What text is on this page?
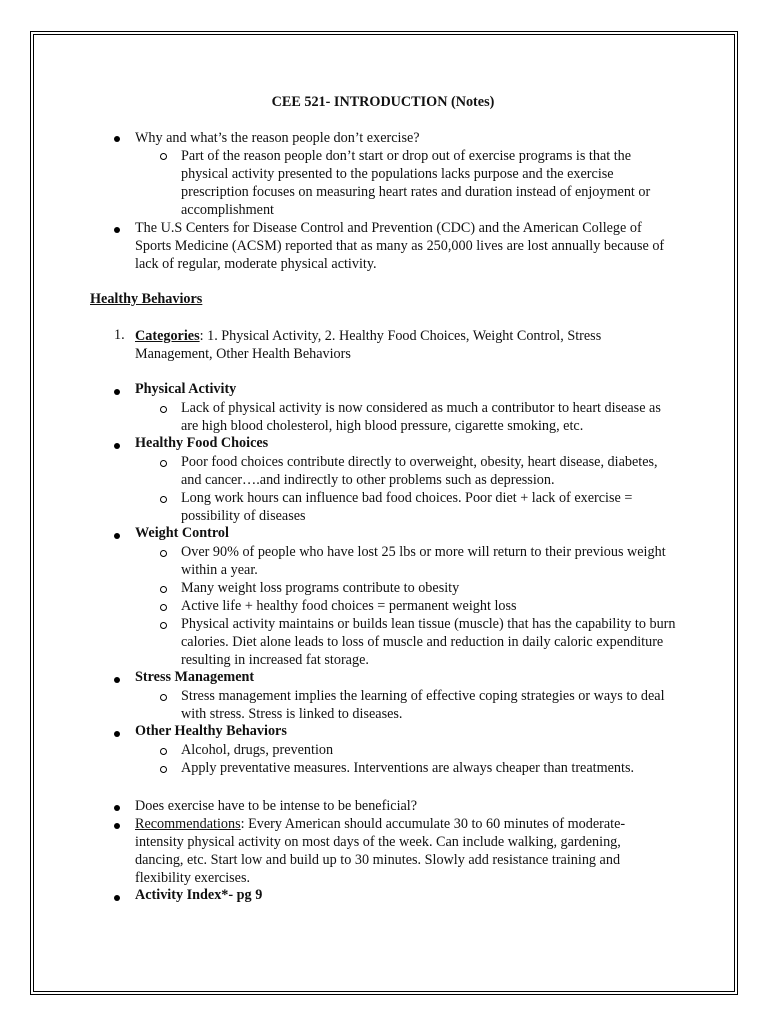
CEE 521- INTRODUCTION (Notes)
Why and what’s the reason people don’t exercise?
Part of the reason people don’t start or drop out of exercise programs is that the physical activity presented to the populations lacks purpose and the exercise prescription focuses on measuring heart rates and duration instead of enjoyment or accomplishment
The U.S Centers for Disease Control and Prevention (CDC) and the American College of Sports Medicine (ACSM) reported that as many as 250,000 lives are lost annually because of lack of regular, moderate physical activity.
Healthy Behaviors
1. Categories: 1. Physical Activity, 2. Healthy Food Choices, Weight Control, Stress Management, Other Health Behaviors
Physical Activity
Lack of physical activity is now considered as much a contributor to heart disease as are high blood cholesterol, high blood pressure, cigarette smoking, etc.
Healthy Food Choices
Poor food choices contribute directly to overweight, obesity, heart disease, diabetes, and cancer….and indirectly to other problems such as depression.
Long work hours can influence bad food choices. Poor diet + lack of exercise = possibility of diseases
Weight Control
Over 90% of people who have lost 25 lbs or more will return to their previous weight within a year.
Many weight loss programs contribute to obesity
Active life + healthy food choices = permanent weight loss
Physical activity maintains or builds lean tissue (muscle) that has the capability to burn calories. Diet alone leads to loss of muscle and reduction in daily caloric expenditure resulting in increased fat storage.
Stress Management
Stress management implies the learning of effective coping strategies or ways to deal with stress. Stress is linked to diseases.
Other Healthy Behaviors
Alcohol, drugs, prevention
Apply preventative measures. Interventions are always cheaper than treatments.
Does exercise have to be intense to be beneficial?
Recommendations: Every American should accumulate 30 to 60 minutes of moderate-intensity physical activity on most days of the week. Can include walking, gardening, dancing, etc. Start low and build up to 30 minutes. Slowly add resistance training and flexibility exercises.
Activity Index*- pg 9
